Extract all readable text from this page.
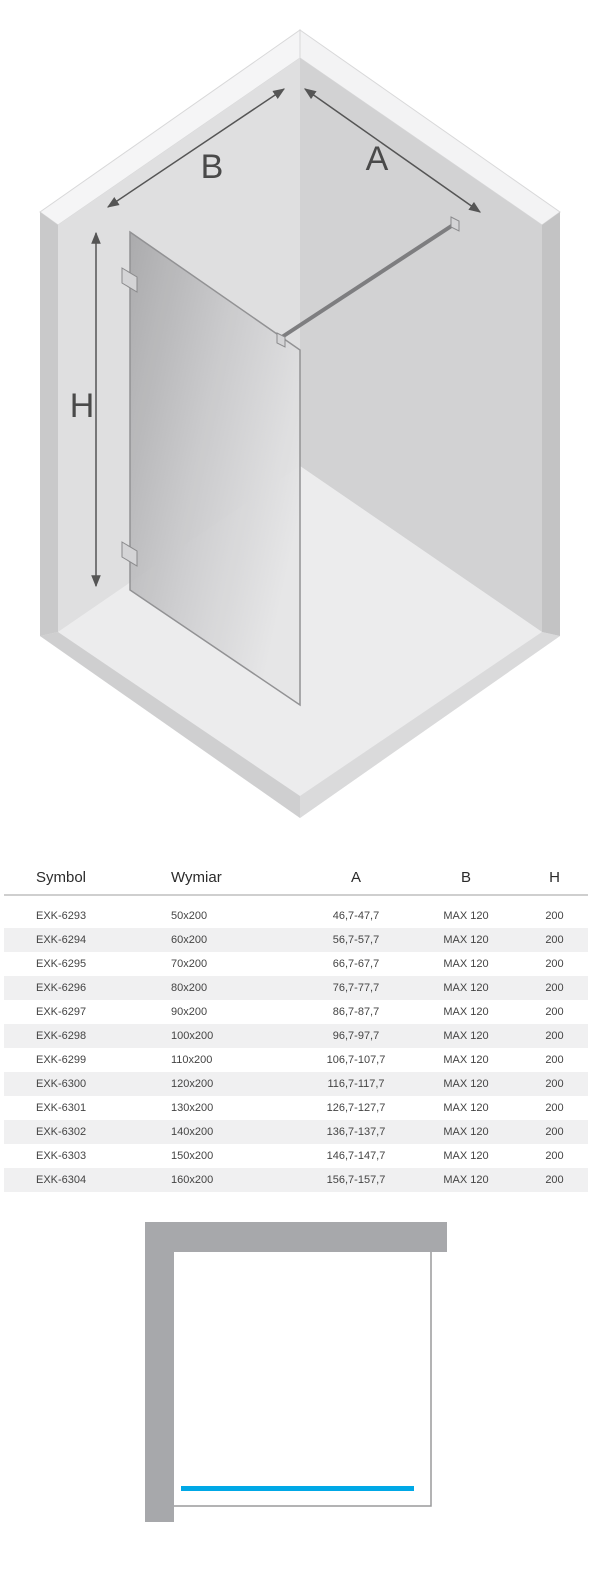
B	A
H
Symbol	Wymiar	A	B	H

EXK-6293	50x200	46,7-47,7	MAX 120	200
EXK-6294	60x200	56,7-57,7	MAX 120	200
EXK-6295	70x200	66,7-67,7	MAX 120	200
EXK-6296	80x200	76,7-77,7	MAX 120	200
EXK-6297	90x200	86,7-87,7	MAX 120	200
EXK-6298	100x200	96,7-97,7	MAX 120	200
EXK-6299	110x200	106,7-107,7	MAX 120	200
EXK-6300	120x200	116,7-117,7	MAX 120	200
EXK-6301	130x200	126,7-127,7	MAX 120	200
EXK-6302	140x200	136,7-137,7	MAX 120	200
EXK-6303	150x200	146,7-147,7	MAX 120	200
EXK-6304	160x200	156,7-157,7	MAX 120	200
